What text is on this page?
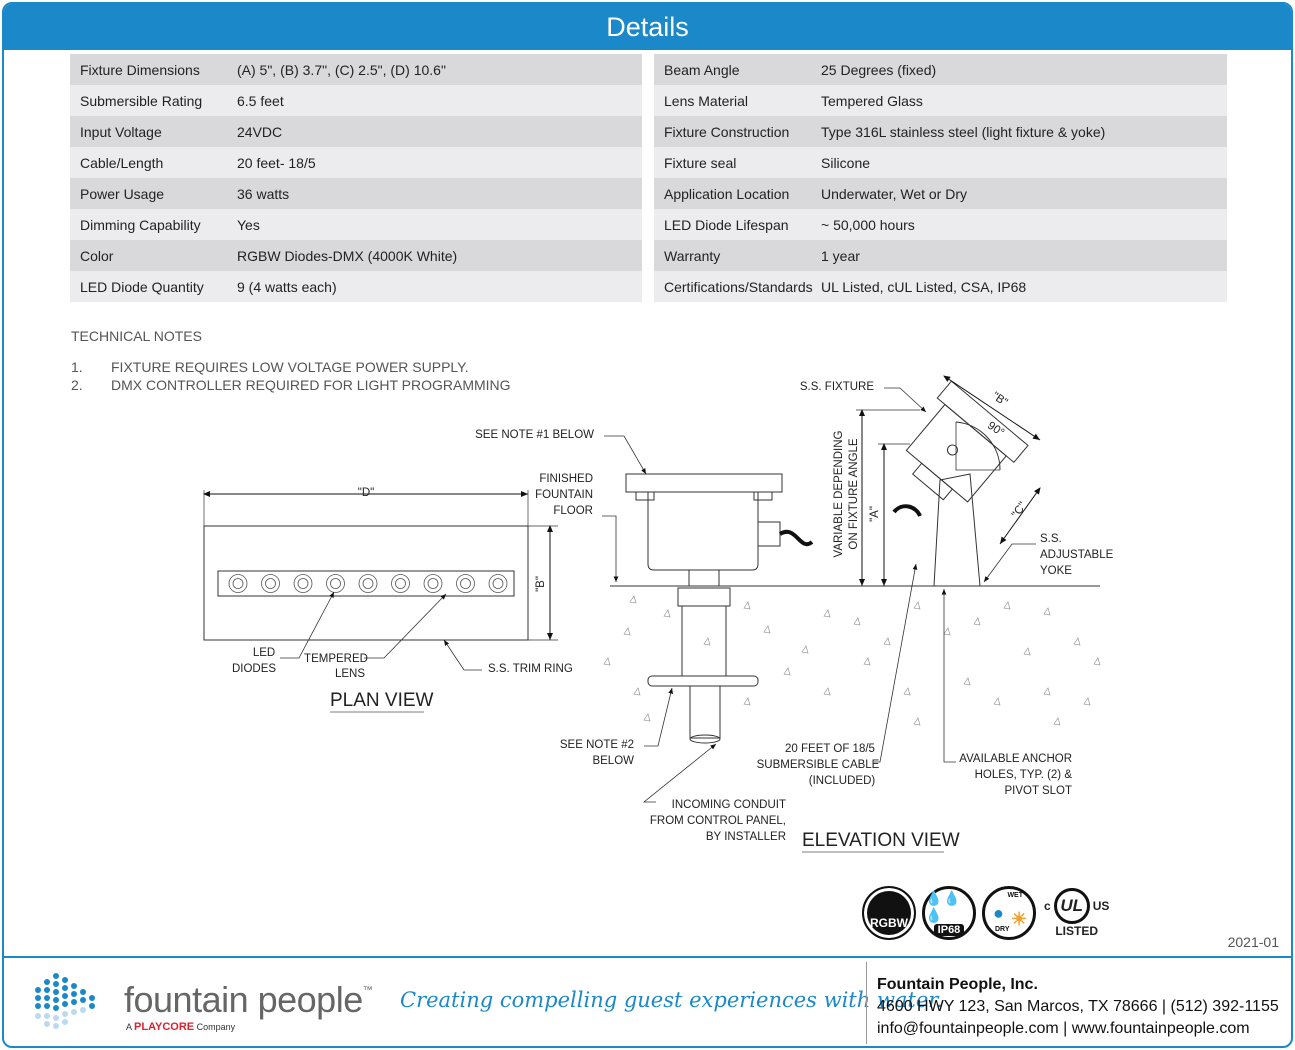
Details
Fixture Dimensions	(A) 5", (B) 3.7", (C) 2.5", (D) 10.6"
Submersible Rating	6.5 feet
Input Voltage	24VDC
Cable/Length	20 feet- 18/5
Power Usage	36 watts
Dimming Capability	Yes
Color	RGBW Diodes-DMX (4000K White)
LED Diode Quantity	9 (4 watts each)
Beam Angle	25 Degrees (fixed)
Lens Material	Tempered Glass
Fixture Construction	Type 316L stainless steel (light fixture & yoke)
Fixture seal	Silicone
Application Location	Underwater, Wet or Dry
LED Diode Lifespan	~ 50,000 hours
Warranty	1 year
Certifications/Standards UL Listed, cUL Listed, CSA, IP68
TECHNICAL NOTES
1.	FIXTURE REQUIRES LOW VOLTAGE POWER SUPPLY.
2.	DMX CONTROLLER REQUIRED FOR LIGHT PROGRAMMING
"D"
"B"
LED
DIODES
TEMPERED
LENS	S.S. TRIM RING
PLAN VIEW
SEE NOTE #1 BELOW
FINISHED
FOUNTAIN
FLOOR
SEE NOTE #2
BELOW
INCOMING CONDUIT
FROM CONTROL PANEL,
BY INSTALLER ELEVATION VIEW
S.S. FIXTURE
VARIABLE DEPENDING ON FIXTURE ANGLE "A"
"B"
"C"
90°
S.S.
ADJUSTABLE
YOKE
20 FEET OF 18/5
SUBMERSIBLE CABLE
(INCLUDED)
AVAILABLE ANCHOR
HOLES, TYP. (2) &
PIVOT SLOT
RGBW
💧💧💧
IP68
WET
DRY
● ☀
c UL US
LISTED
2021-01
fountain people™
A PLAYCORE Company
Creating compelling guest experiences with water.
Fountain People, Inc.
4600 HWY 123, San Marcos, TX 78666 | (512) 392-1155
info@fountainpeople.com | www.fountainpeople.com
